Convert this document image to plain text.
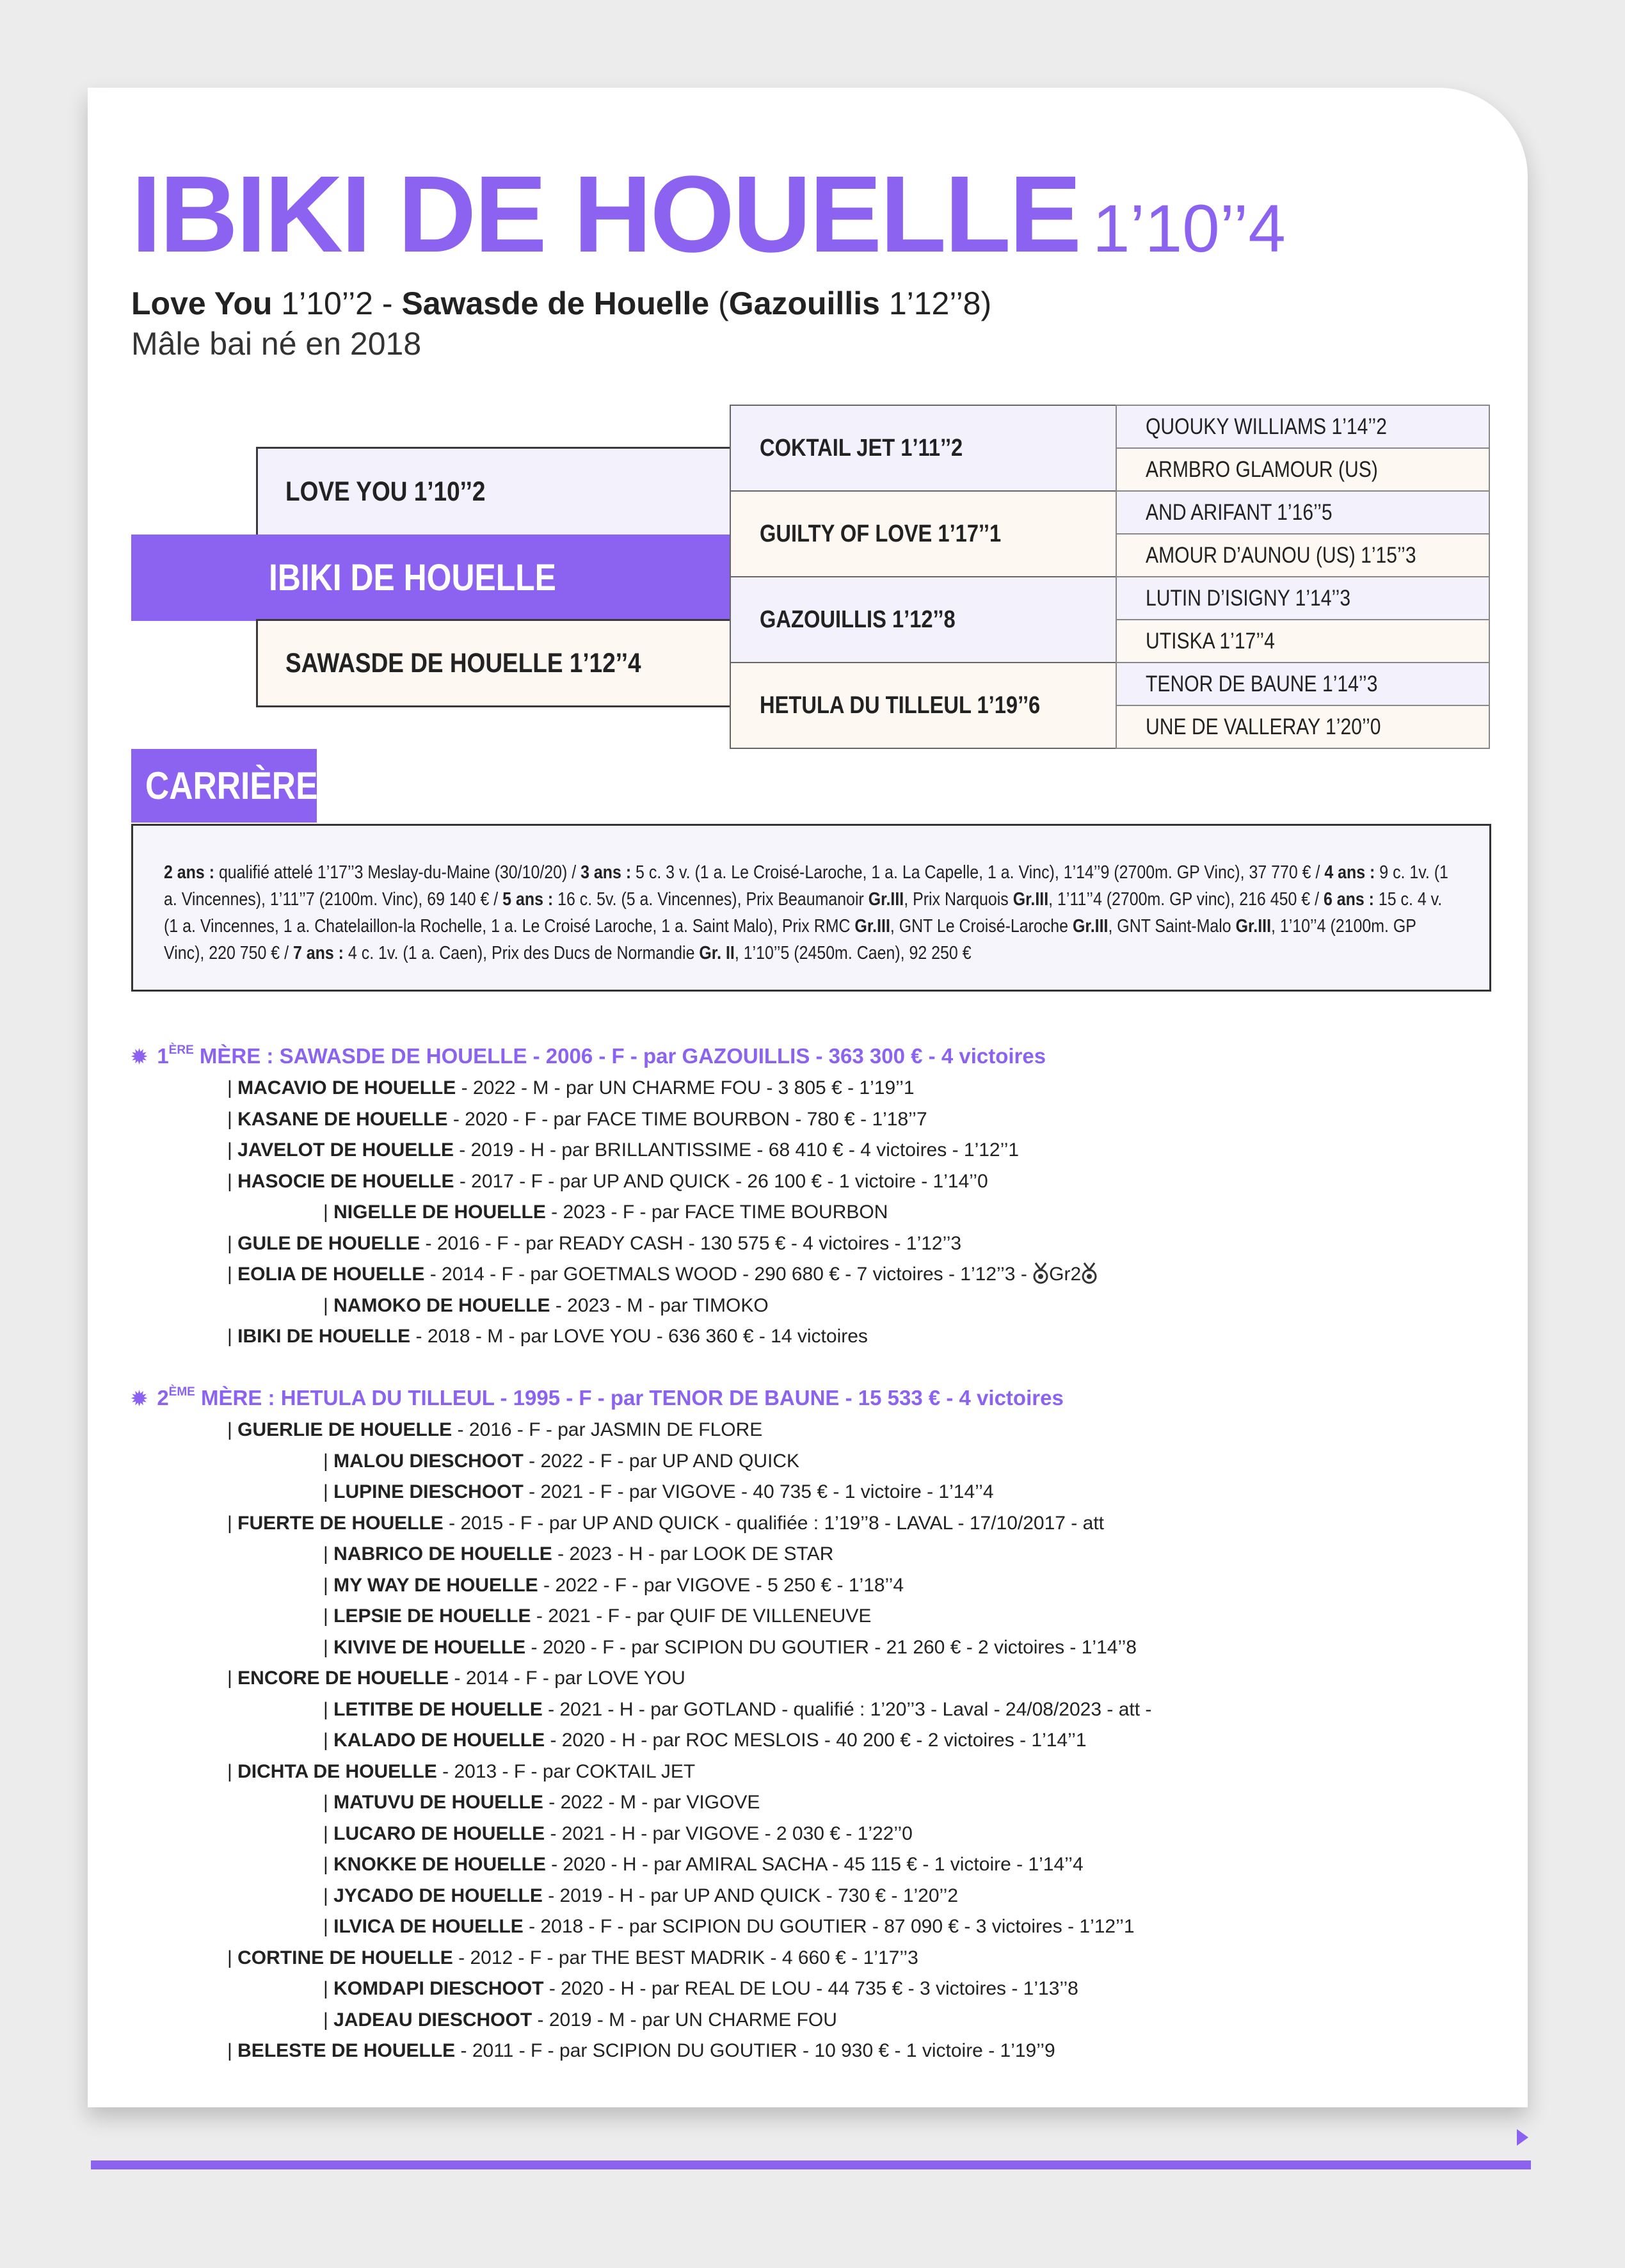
IBIKI DE HOUELLE 1’10’’4
Love You 1’10’’2 - Sawasde de Houelle (Gazouillis 1’12’’8)
Mâle bai né en 2018
LOVE YOU 1’10’’2
IBIKI DE HOUELLE
SAWASDE DE HOUELLE 1’12’’4
COKTAIL JET 1’11’’2
GUILTY OF LOVE 1’17’’1
GAZOUILLIS 1’12’’8
HETULA DU TILLEUL 1’19’’6
QUOUKY WILLIAMS 1’14’’2
ARMBRO GLAMOUR (US)
AND ARIFANT 1’16’’5
AMOUR D’AUNOU (US) 1’15’’3
LUTIN D’ISIGNY 1’14’’3
UTISKA 1’17’’4
TENOR DE BAUNE 1’14’’3
UNE DE VALLERAY 1’20’’0
CARRIÈRE
2 ans : qualifié attelé 1’17’’3 Meslay-du-Maine (30/10/20) / 3 ans : 5 c. 3 v. (1 a. Le Croisé-Laroche, 1 a. La Capelle, 1 a. Vinc), 1’14’’9 (2700m. GP Vinc), 37 770 € / 4 ans : 9 c. 1v. (1 a. Vincennes), 1’11’’7 (2100m. Vinc), 69 140 € / 5 ans : 16 c. 5v. (5 a. Vincennes), Prix Beaumanoir Gr.III, Prix Narquois Gr.III, 1’11’’4 (2700m. GP vinc), 216 450 € / 6 ans : 15 c. 4 v. (1 a. Vincennes, 1 a. Chatelaillon-la Rochelle, 1 a. Le Croisé Laroche, 1 a. Saint Malo), Prix RMC Gr.III, GNT Le Croisé-Laroche Gr.III, GNT Saint-Malo Gr.III, 1’10’’4 (2100m. GP Vinc), 220 750 € / 7 ans : 4 c. 1v. (1 a. Caen), Prix des Ducs de Normandie Gr. II, 1’10’’5 (2450m. Caen), 92 250 €
✹ 1ÈRE MÈRE : SAWASDE DE HOUELLE - 2006 - F - par GAZOUILLIS - 363 300 € - 4 victoires
| MACAVIO DE HOUELLE - 2022 - M - par UN CHARME FOU - 3 805 € - 1’19’’1
| KASANE DE HOUELLE - 2020 - F - par FACE TIME BOURBON - 780 € - 1’18’’7
| JAVELOT DE HOUELLE - 2019 - H - par BRILLANTISSIME - 68 410 € - 4 victoires - 1’12’’1
| HASOCIE DE HOUELLE - 2017 - F - par UP AND QUICK - 26 100 € - 1 victoire - 1’14’’0
| NIGELLE DE HOUELLE - 2023 - F - par FACE TIME BOURBON
| GULE DE HOUELLE - 2016 - F - par READY CASH - 130 575 € - 4 victoires - 1’12’’3
| EOLIA DE HOUELLE - 2014 - F - par GOETMALS WOOD - 290 680 € - 7 victoires - 1’12’’3 - Gr2
| NAMOKO DE HOUELLE - 2023 - M - par TIMOKO
| IBIKI DE HOUELLE - 2018 - M - par LOVE YOU - 636 360 € - 14 victoires
✹ 2ÈME MÈRE : HETULA DU TILLEUL - 1995 - F - par TENOR DE BAUNE - 15 533 € - 4 victoires
| GUERLIE DE HOUELLE - 2016 - F - par JASMIN DE FLORE
| MALOU DIESCHOOT - 2022 - F - par UP AND QUICK
| LUPINE DIESCHOOT - 2021 - F - par VIGOVE - 40 735 € - 1 victoire - 1’14’’4
| FUERTE DE HOUELLE - 2015 - F - par UP AND QUICK - qualifiée : 1’19’’8 - LAVAL - 17/10/2017 - att
| NABRICO DE HOUELLE - 2023 - H - par LOOK DE STAR
| MY WAY DE HOUELLE - 2022 - F - par VIGOVE - 5 250 € - 1’18’’4
| LEPSIE DE HOUELLE - 2021 - F - par QUIF DE VILLENEUVE
| KIVIVE DE HOUELLE - 2020 - F - par SCIPION DU GOUTIER - 21 260 € - 2 victoires - 1’14’’8
| ENCORE DE HOUELLE - 2014 - F - par LOVE YOU
| LETITBE DE HOUELLE - 2021 - H - par GOTLAND - qualifié : 1’20’’3 - Laval - 24/08/2023 - att -
| KALADO DE HOUELLE - 2020 - H - par ROC MESLOIS - 40 200 € - 2 victoires - 1’14’’1
| DICHTA DE HOUELLE - 2013 - F - par COKTAIL JET
| MATUVU DE HOUELLE - 2022 - M - par VIGOVE
| LUCARO DE HOUELLE - 2021 - H - par VIGOVE - 2 030 € - 1’22’’0
| KNOKKE DE HOUELLE - 2020 - H - par AMIRAL SACHA - 45 115 € - 1 victoire - 1’14’’4
| JYCADO DE HOUELLE - 2019 - H - par UP AND QUICK - 730 € - 1’20’’2
| ILVICA DE HOUELLE - 2018 - F - par SCIPION DU GOUTIER - 87 090 € - 3 victoires - 1’12’’1
| CORTINE DE HOUELLE - 2012 - F - par THE BEST MADRIK - 4 660 € - 1’17’’3
| KOMDAPI DIESCHOOT - 2020 - H - par REAL DE LOU - 44 735 € - 3 victoires - 1’13’’8
| JADEAU DIESCHOOT - 2019 - M - par UN CHARME FOU
| BELESTE DE HOUELLE - 2011 - F - par SCIPION DU GOUTIER - 10 930 € - 1 victoire - 1’19’’9
